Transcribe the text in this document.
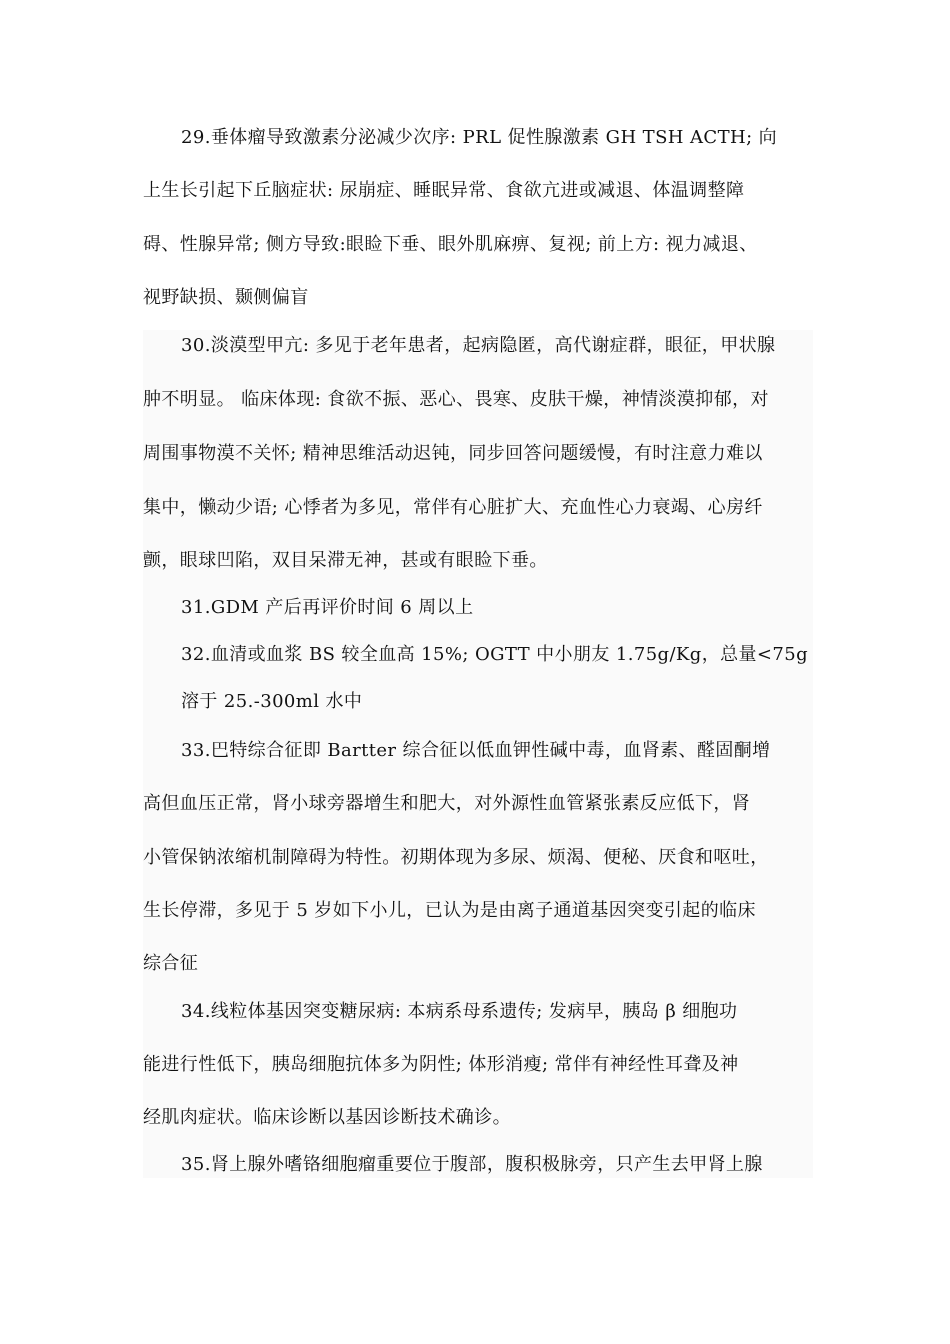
29.垂体瘤导致激素分泌减少次序: PRL 促性腺激素 GH TSH ACTH; 向
上生长引起下丘脑症状: 尿崩症、睡眠异常、食欲亢进或减退、体温调整障
碍、性腺异常; 侧方导致:眼睑下垂、眼外肌麻痹、复视; 前上方: 视力减退、
视野缺损、颞侧偏盲
30.淡漠型甲亢: 多见于老年患者，起病隐匿，高代谢症群，眼征，甲状腺
肿不明显。 临床体现: 食欲不振、恶心、畏寒、皮肤干燥，神情淡漠抑郁，对
周围事物漠不关怀; 精神思维活动迟钝，同步回答问题缓慢，有时注意力难以
集中，懒动少语; 心悸者为多见，常伴有心脏扩大、充血性心力衰竭、心房纤
颤，眼球凹陷，双目呆滞无神，甚或有眼睑下垂。
31.GDM 产后再评价时间 6 周以上
32.血清或血浆 BS 较全血高 15%; OGTT 中小朋友 1.75g/Kg，总量<75g
溶于 25.-300ml 水中
33.巴特综合征即 Bartter 综合征以低血钾性碱中毒，血肾素、醛固酮增
高但血压正常，肾小球旁器增生和肥大，对外源性血管紧张素反应低下，肾
小管保钠浓缩机制障碍为特性。初期体现为多尿、烦渴、便秘、厌食和呕吐，
生长停滞，多见于 5 岁如下小儿，已认为是由离子通道基因突变引起的临床
综合征
34.线粒体基因突变糖尿病: 本病系母系遗传; 发病早，胰岛 β 细胞功
能进行性低下，胰岛细胞抗体多为阴性; 体形消瘦; 常伴有神经性耳聋及神
经肌肉症状。临床诊断以基因诊断技术确诊。
35.肾上腺外嗜铬细胞瘤重要位于腹部，腹积极脉旁，只产生去甲肾上腺
